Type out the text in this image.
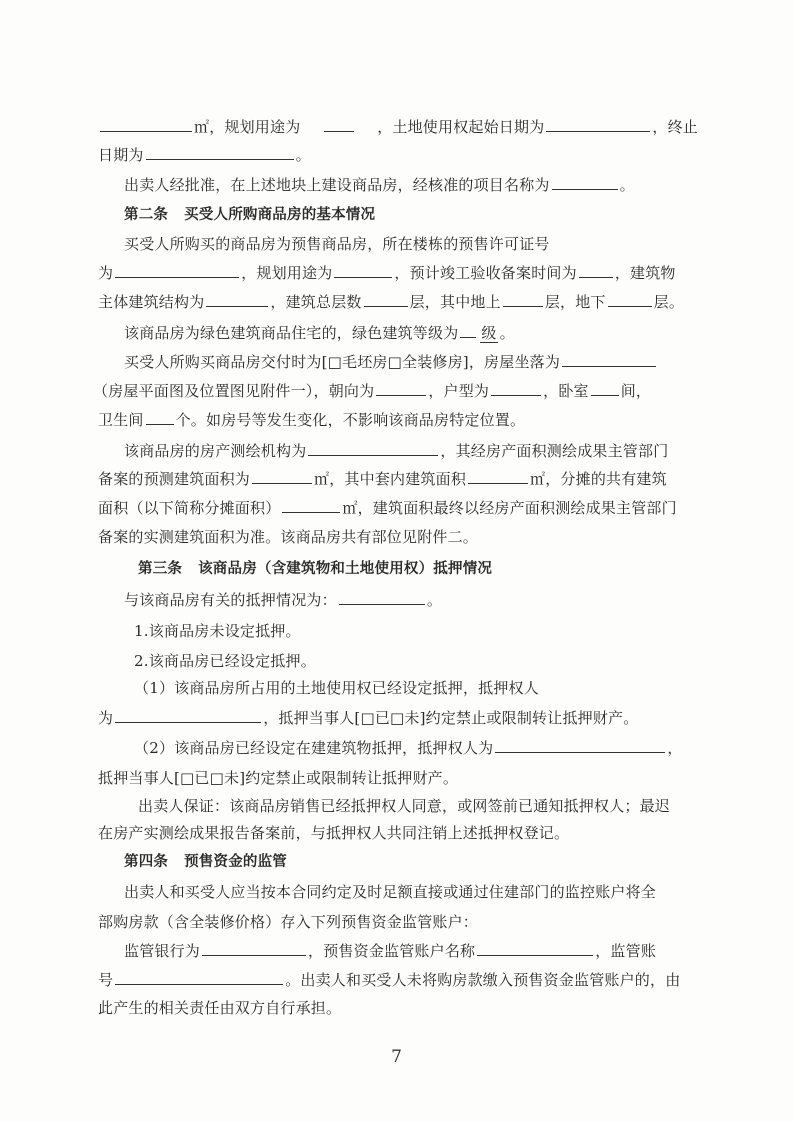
㎡，规划用途为	，土地使用权起始日期为	，终止
日期为	。
出卖人经批准，在上述地块上建设商品房，经核准的项目名称为	。
第二条 买受人所购商品房的基本情况
买受人所购买的商品房为预售商品房，所在楼栋的预售许可证号
为	，规划用途为	，预计竣工验收备案时间为	，建筑物
主体建筑结构为	，建筑总层数	层，其中地上	层，地下	层。
该商品房为绿色建筑商品住宅的，绿色建筑等级为 级 。
买受人所购买商品房交付时为[□毛坯房□全装修房]，房屋坐落为
（房屋平面图及位置图见附件一），朝向为	，户型为	，卧室 间，
卫生间 个。如房号等发生变化，不影响该商品房特定位置。
该商品房的房产测绘机构为	，其经房产面积测绘成果主管部门
备案的预测建筑面积为	㎡，其中套内建筑面积	㎡，分摊的共有建筑
面积（以下简称分摊面积）	㎡，建筑面积最终以经房产面积测绘成果主管部门
备案的实测建筑面积为准。该商品房共有部位见附件二。
第三条 该商品房（含建筑物和土地使用权）抵押情况
与该商品房有关的抵押情况为：	。
1.该商品房未设定抵押。
2.该商品房已经设定抵押。
（1）该商品房所占用的土地使用权已经设定抵押，抵押权人
为	，抵押当事人[□已□未]约定禁止或限制转让抵押财产。
（2）该商品房已经设定在建建筑物抵押，抵押权人为	，
抵押当事人[□已□未]约定禁止或限制转让抵押财产。
出卖人保证：该商品房销售已经抵押权人同意，或网签前已通知抵押权人；最迟
在房产实测绘成果报告备案前，与抵押权人共同注销上述抵押权登记。
第四条 预售资金的监管
出卖人和买受人应当按本合同约定及时足额直接或通过住建部门的监控账户将全
部购房款（含全装修价格）存入下列预售资金监管账户：
监管银行为	，预售资金监管账户名称	，监管账
号	。出卖人和买受人未将购房款缴入预售资金监管账户的，由
此产生的相关责任由双方自行承担。
7
